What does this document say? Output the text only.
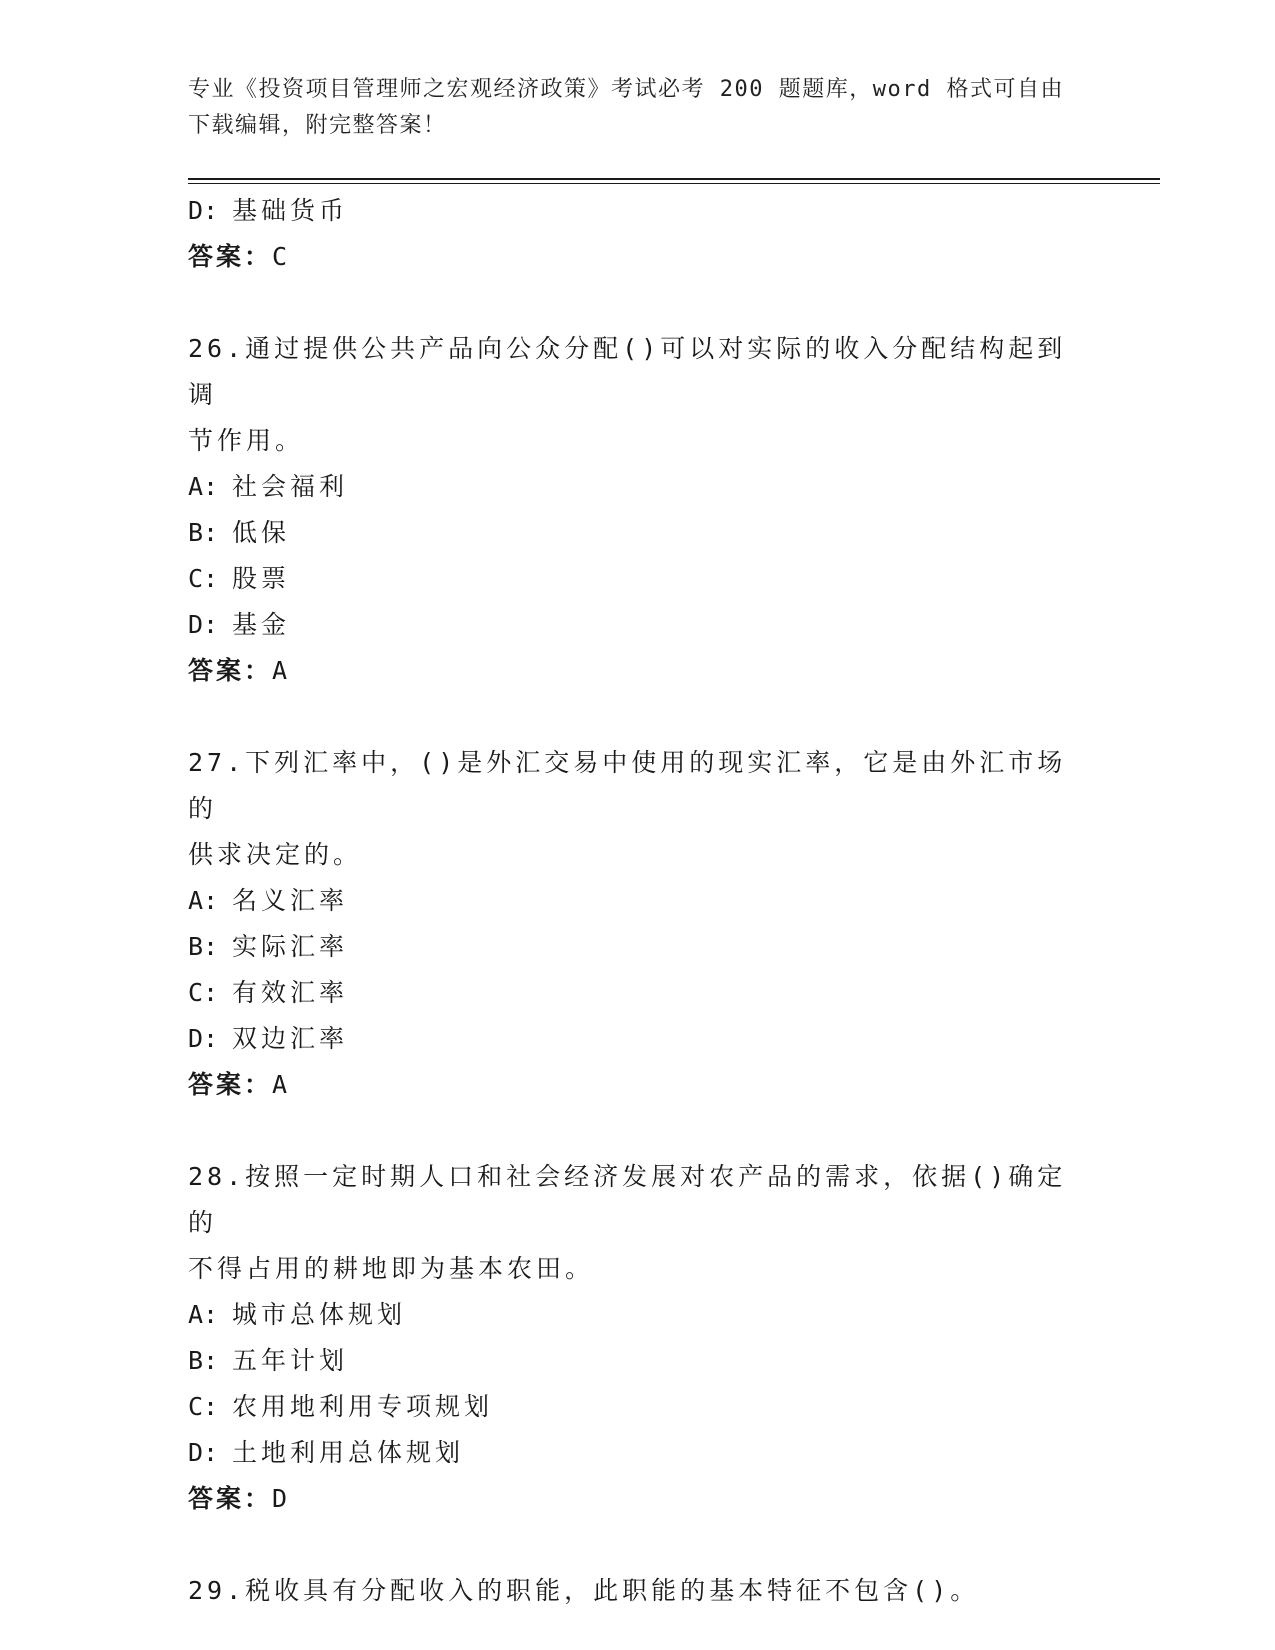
专业《投资项目管理师之宏观经济政策》考试必考 200 题题库，word 格式可自由
下载编辑，附完整答案！
D: 基础货币
答案：C
26.通过提供公共产品向公众分配()可以对实际的收入分配结构起到调
节作用。
A: 社会福利
B: 低保
C: 股票
D: 基金
答案：A
27.下列汇率中，()是外汇交易中使用的现实汇率，它是由外汇市场的
供求决定的。
A: 名义汇率
B: 实际汇率
C: 有效汇率
D: 双边汇率
答案：A
28.按照一定时期人口和社会经济发展对农产品的需求，依据()确定的
不得占用的耕地即为基本农田。
A: 城市总体规划
B: 五年计划
C: 农用地利用专项规划
D: 土地利用总体规划
答案：D
29.税收具有分配收入的职能，此职能的基本特征不包含()。
